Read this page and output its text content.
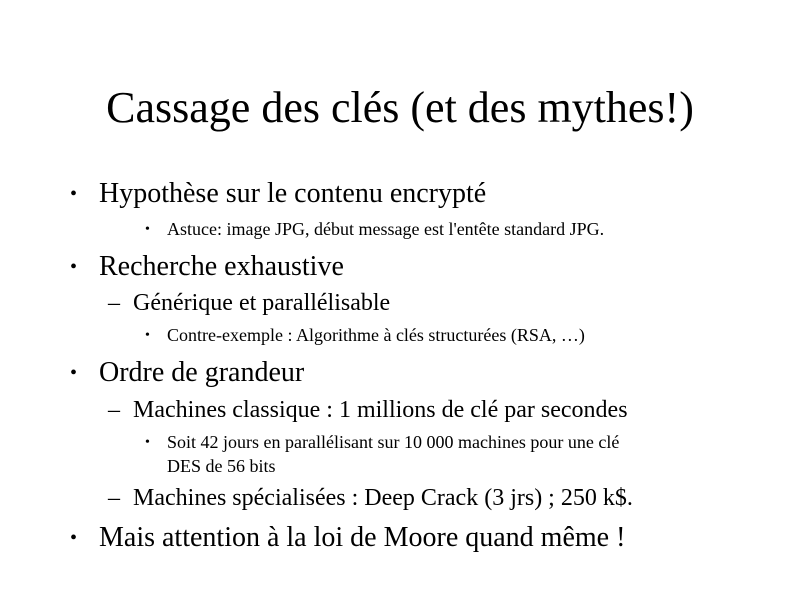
Cassage des clés (et des mythes!)
• Hypothèse sur le contenu encrypté
• Astuce: image JPG, début message est l'entête standard JPG.
• Recherche exhaustive
– Générique et parallélisable
• Contre-exemple : Algorithme à clés structurées (RSA, …)
• Ordre de grandeur
– Machines classique : 1 millions de clé par secondes
• Soit 42 jours en parallélisant sur 10 000 machines pour une clé
DES de 56 bits
– Machines spécialisées : Deep Crack (3 jrs) ; 250 k$.
• Mais attention à la loi de Moore quand même !
